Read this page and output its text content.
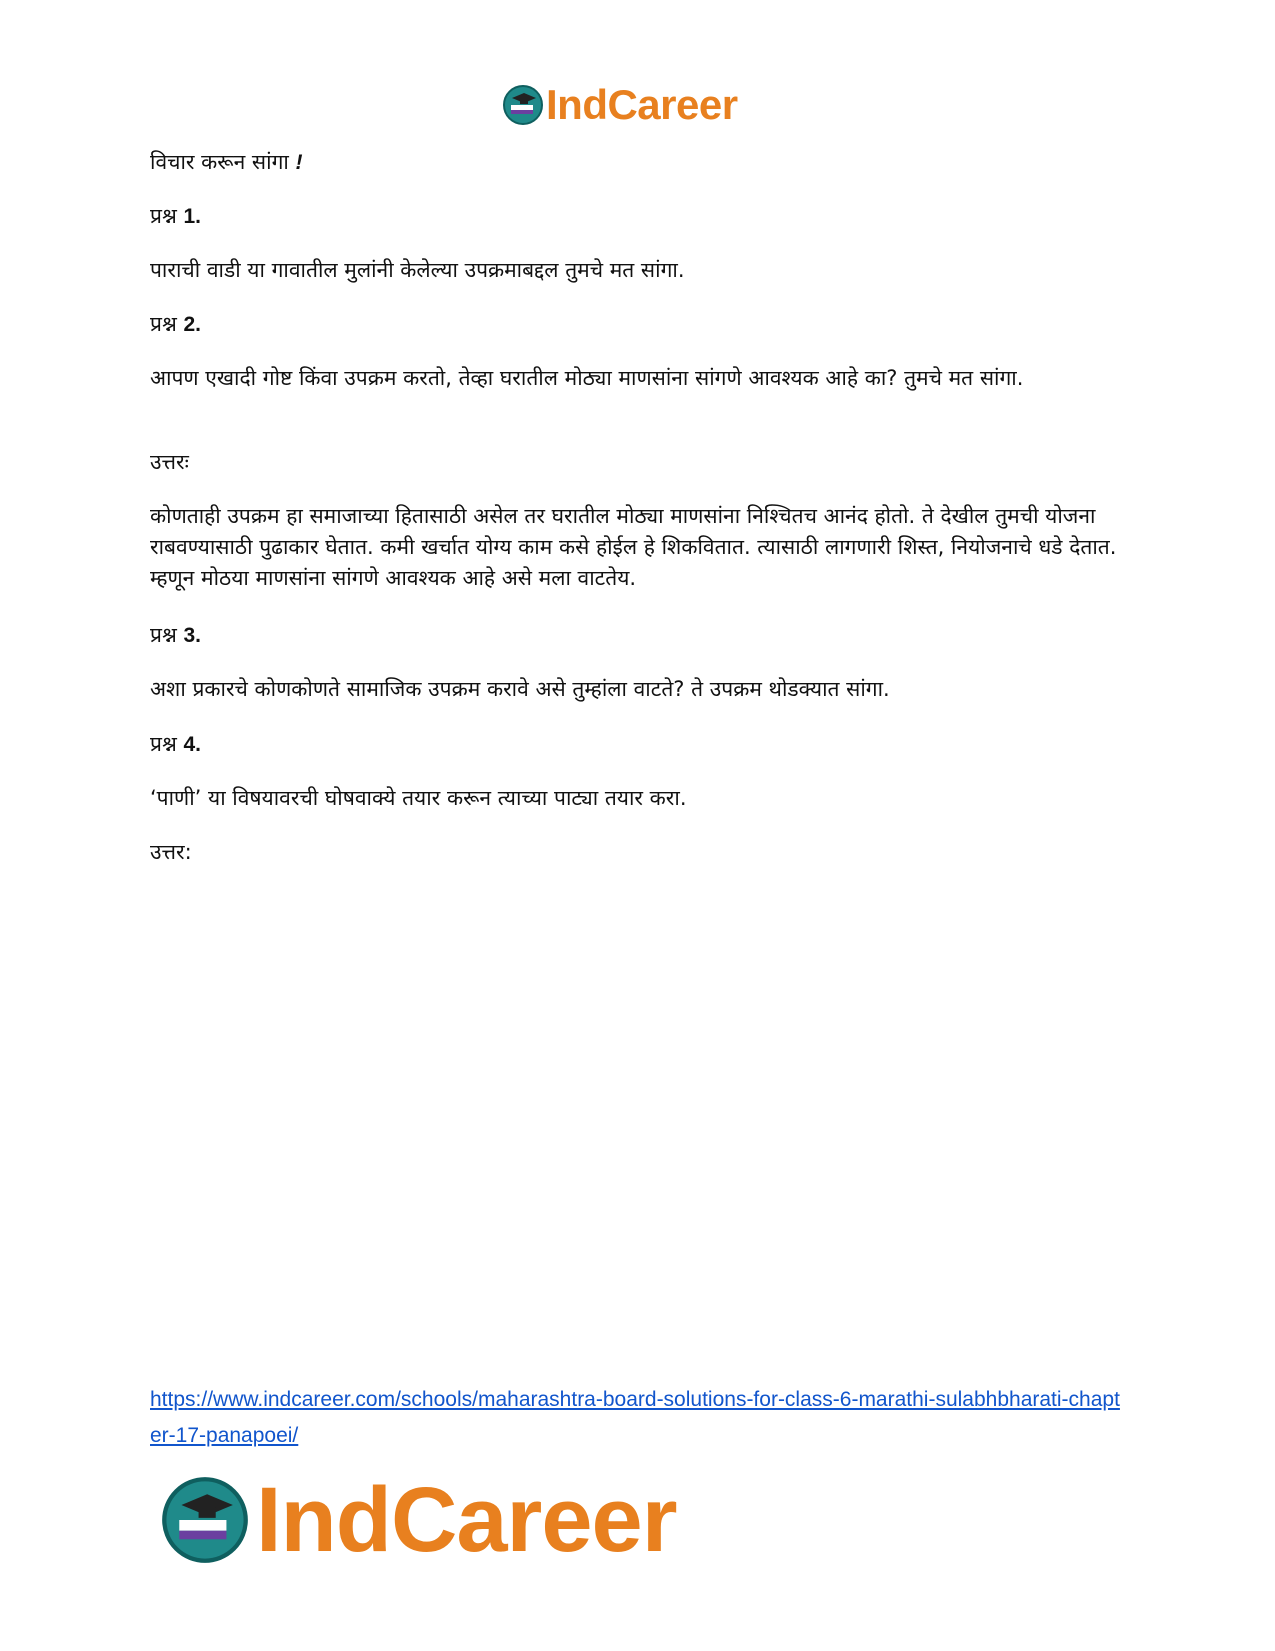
IndCareer

विचार करून सांगा !

प्रश्न 1.

पाराची वाडी या गावातील मुलांनी केलेल्या उपक्रमाबद्दल तुमचे मत सांगा.

प्रश्न 2.

आपण एखादी गोष्ट किंवा उपक्रम करतो, तेव्हा घरातील मोठ्या माणसांना सांगणे आवश्यक आहे का? तुमचे मत सांगा.

उत्तरः

कोणताही उपक्रम हा समाजाच्या हितासाठी असेल तर घरातील मोठ्या माणसांना निश्चितच आनंद होतो. ते देखील तुमची योजना राबवण्यासाठी पुढाकार घेतात. कमी खर्चात योग्य काम कसे होईल हे शिकवितात. त्यासाठी लागणारी शिस्त, नियोजनाचे धडे देतात. म्हणून मोठया माणसांना सांगणे आवश्यक आहे असे मला वाटतेय.

प्रश्न 3.

अशा प्रकारचे कोणकोणते सामाजिक उपक्रम करावे असे तुम्हांला वाटते? ते उपक्रम थोडक्यात सांगा.

प्रश्न 4.

‘पाणी’ या विषयावरची घोषवाक्ये तयार करून त्याच्या पाट्या तयार करा.

उत्तर:

https://www.indcareer.com/schools/maharashtra-board-solutions-for-class-6-marathi-sulabhbharati-chapter-17-panapoei/
IndCareer
